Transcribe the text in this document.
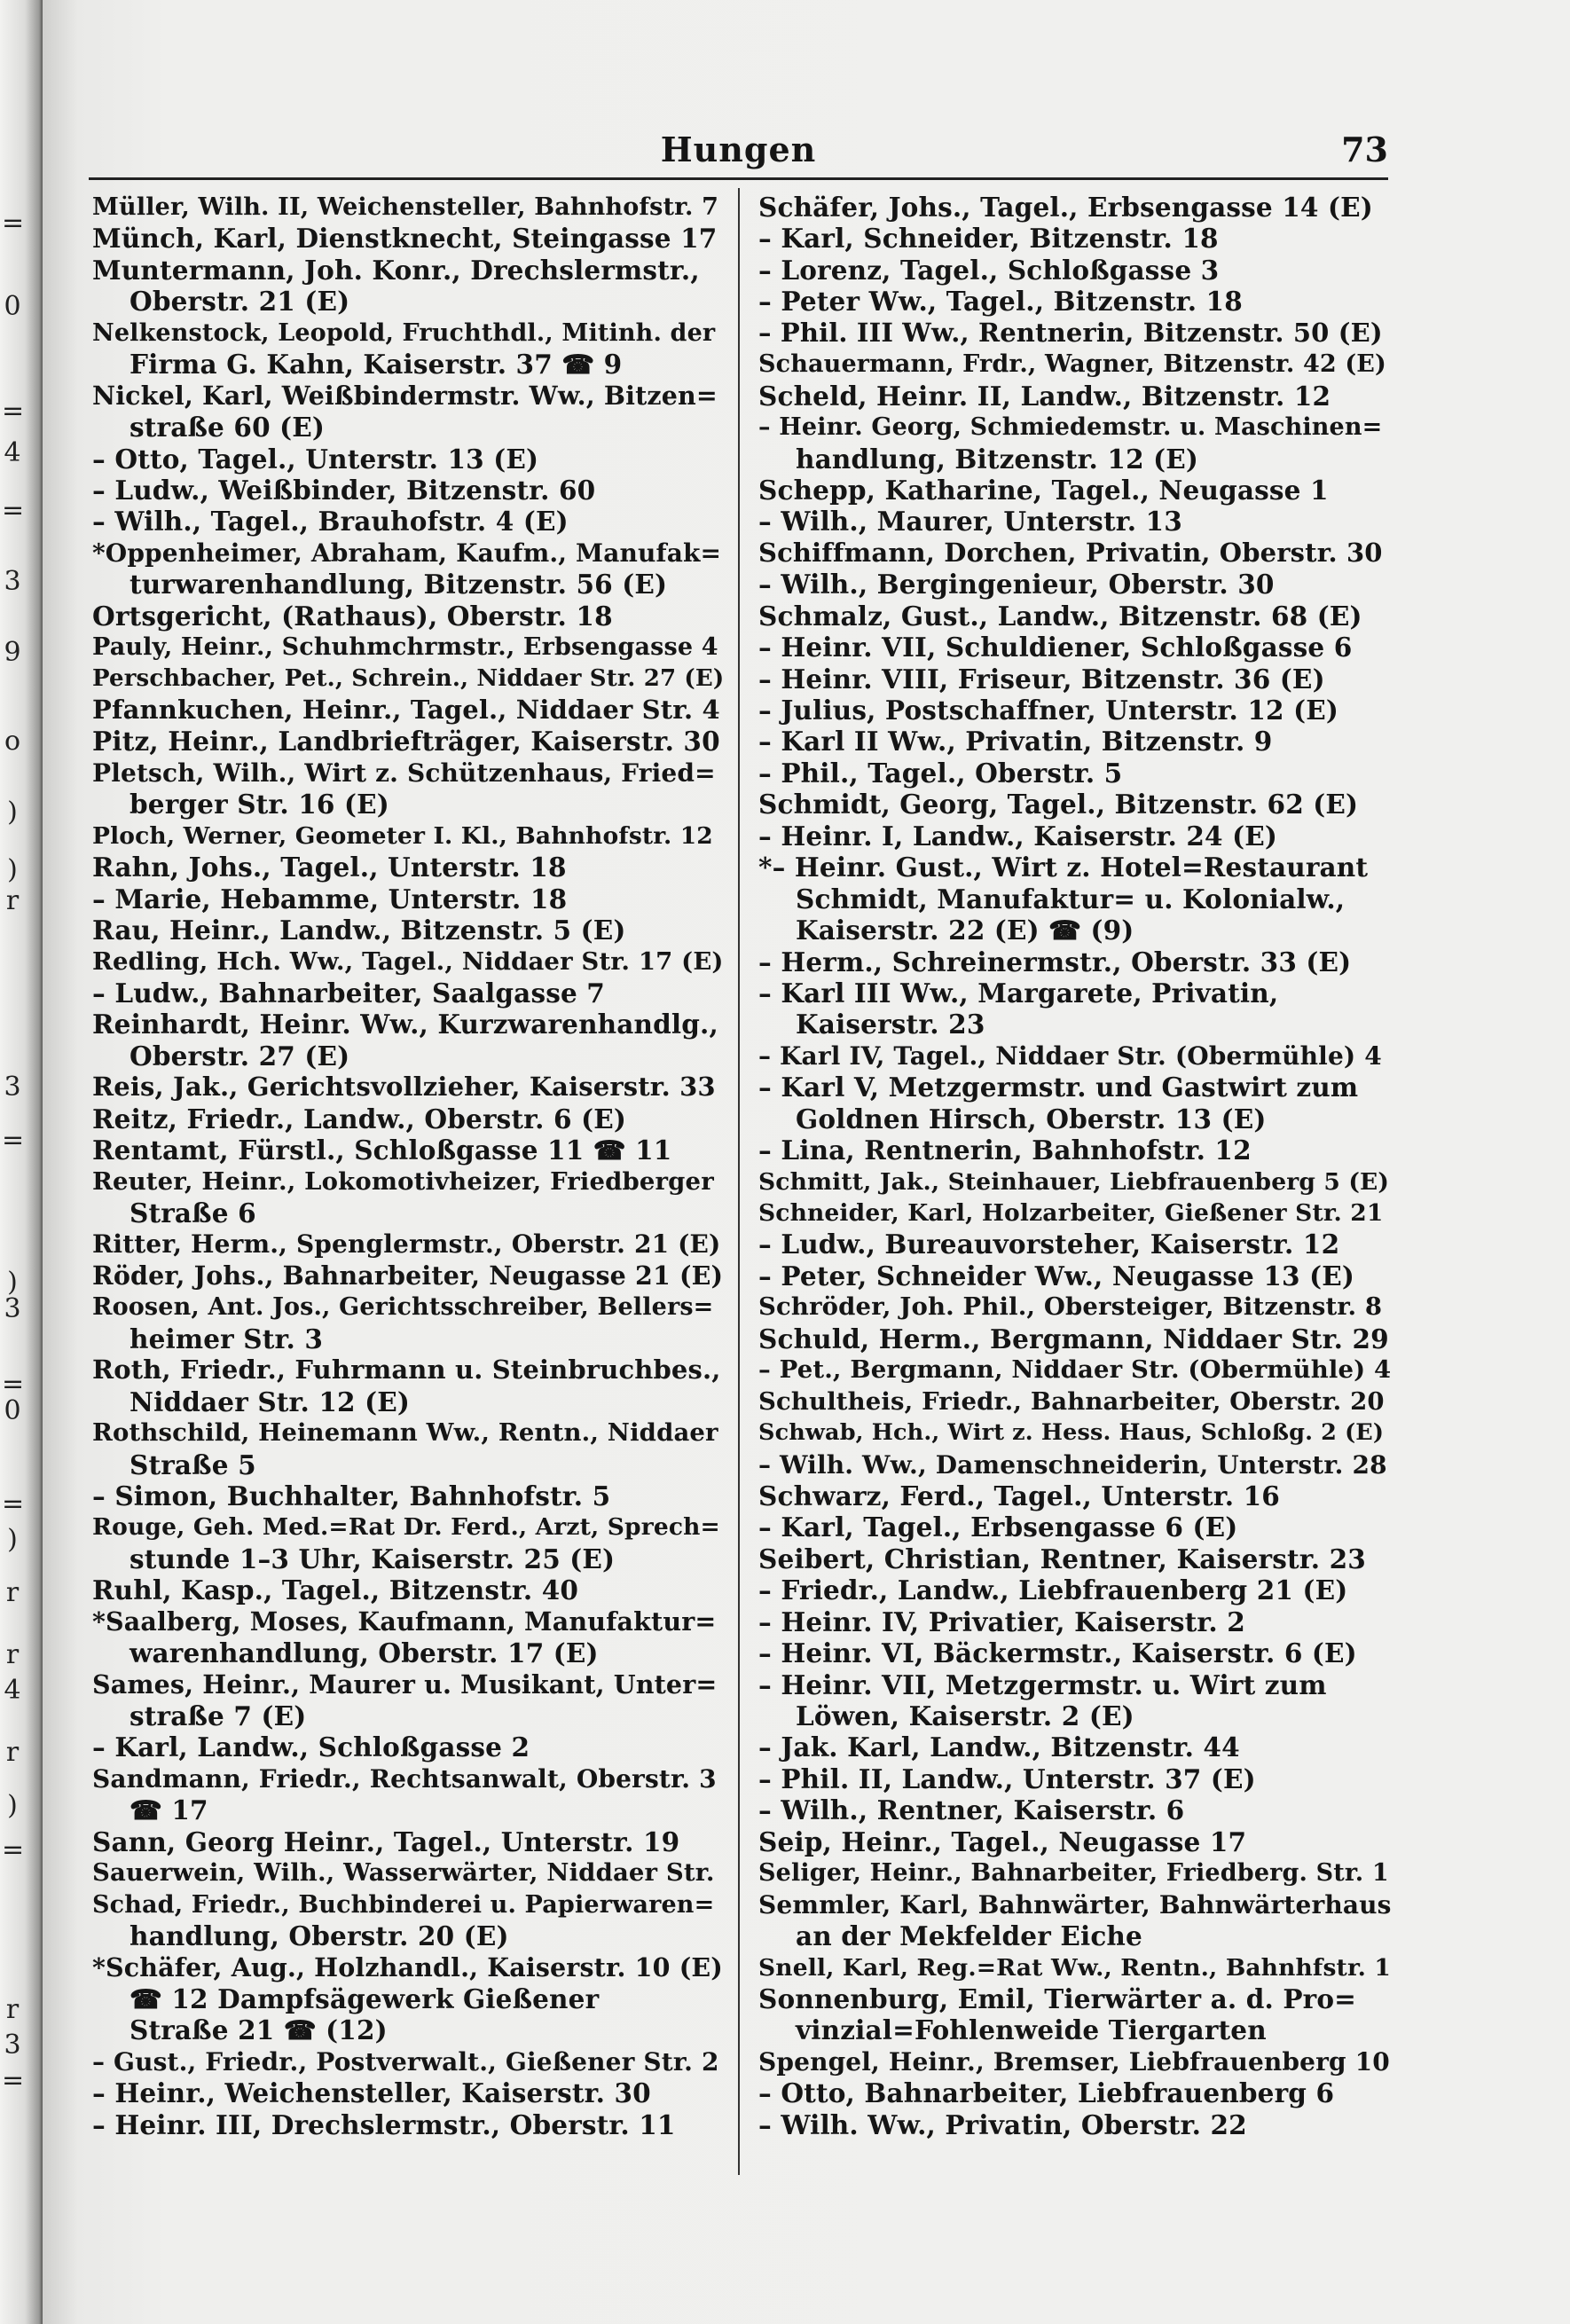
=
0
=
4
=
3
9
o
)
)
r
3
=
)
3
=
0
=
)
r
r
4
r
)
=
r
3
=
Hungen	73
Müller, Wilh. II, Weichensteller, Bahnhofstr. 7
Münch, Karl, Dienstknecht, Steingasse 17
Muntermann, Joh. Konr., Drechslermstr.,
Oberstr. 21 (E)
Nelkenstock, Leopold, Fruchthdl., Mitinh. der
Firma G. Kahn, Kaiserstr. 37 ☎ 9
Nickel, Karl, Weißbindermstr. Ww., Bitzen=
straße 60 (E)
– Otto, Tagel., Unterstr. 13 (E)
– Ludw., Weißbinder, Bitzenstr. 60
– Wilh., Tagel., Brauhofstr. 4 (E)
*Oppenheimer, Abraham, Kaufm., Manufak=
turwarenhandlung, Bitzenstr. 56 (E)
Ortsgericht, (Rathaus), Oberstr. 18
Pauly, Heinr., Schuhmchrmstr., Erbsengasse 4
Perschbacher, Pet., Schrein., Niddaer Str. 27 (E)
Pfannkuchen, Heinr., Tagel., Niddaer Str. 4
Pitz, Heinr., Landbriefträger, Kaiserstr. 30
Pletsch, Wilh., Wirt z. Schützenhaus, Fried=
berger Str. 16 (E)
Ploch, Werner, Geometer I. Kl., Bahnhofstr. 12
Rahn, Johs., Tagel., Unterstr. 18
– Marie, Hebamme, Unterstr. 18
Rau, Heinr., Landw., Bitzenstr. 5 (E)
Redling, Hch. Ww., Tagel., Niddaer Str. 17 (E)
– Ludw., Bahnarbeiter, Saalgasse 7
Reinhardt, Heinr. Ww., Kurzwarenhandlg.,
Oberstr. 27 (E)
Reis, Jak., Gerichtsvollzieher, Kaiserstr. 33
Reitz, Friedr., Landw., Oberstr. 6 (E)
Rentamt, Fürstl., Schloßgasse 11 ☎ 11
Reuter, Heinr., Lokomotivheizer, Friedberger
Straße 6
Ritter, Herm., Spenglermstr., Oberstr. 21 (E)
Röder, Johs., Bahnarbeiter, Neugasse 21 (E)
Roosen, Ant. Jos., Gerichtsschreiber, Bellers=
heimer Str. 3
Roth, Friedr., Fuhrmann u. Steinbruchbes.,
Niddaer Str. 12 (E)
Rothschild, Heinemann Ww., Rentn., Niddaer
Straße 5
– Simon, Buchhalter, Bahnhofstr. 5
Rouge, Geh. Med.=Rat Dr. Ferd., Arzt, Sprech=
stunde 1–3 Uhr, Kaiserstr. 25 (E)
Ruhl, Kasp., Tagel., Bitzenstr. 40
*Saalberg, Moses, Kaufmann, Manufaktur=
warenhandlung, Oberstr. 17 (E)
Sames, Heinr., Maurer u. Musikant, Unter=
straße 7 (E)
– Karl, Landw., Schloßgasse 2
Sandmann, Friedr., Rechtsanwalt, Oberstr. 3
☎ 17
Sann, Georg Heinr., Tagel., Unterstr. 19
Sauerwein, Wilh., Wasserwärter, Niddaer Str.
Schad, Friedr., Buchbinderei u. Papierwaren=
handlung, Oberstr. 20 (E)
*Schäfer, Aug., Holzhandl., Kaiserstr. 10 (E)
☎ 12 Dampfsägewerk Gießener
Straße 21 ☎ (12)
– Gust., Friedr., Postverwalt., Gießener Str. 2
– Heinr., Weichensteller, Kaiserstr. 30
– Heinr. III, Drechslermstr., Oberstr. 11
Schäfer, Johs., Tagel., Erbsengasse 14 (E)
– Karl, Schneider, Bitzenstr. 18
– Lorenz, Tagel., Schloßgasse 3
– Peter Ww., Tagel., Bitzenstr. 18
– Phil. III Ww., Rentnerin, Bitzenstr. 50 (E)
Schauermann, Frdr., Wagner, Bitzenstr. 42 (E)
Scheld, Heinr. II, Landw., Bitzenstr. 12
– Heinr. Georg, Schmiedemstr. u. Maschinen=
handlung, Bitzenstr. 12 (E)
Schepp, Katharine, Tagel., Neugasse 1
– Wilh., Maurer, Unterstr. 13
Schiffmann, Dorchen, Privatin, Oberstr. 30
– Wilh., Bergingenieur, Oberstr. 30
Schmalz, Gust., Landw., Bitzenstr. 68 (E)
– Heinr. VII, Schuldiener, Schloßgasse 6
– Heinr. VIII, Friseur, Bitzenstr. 36 (E)
– Julius, Postschaffner, Unterstr. 12 (E)
– Karl II Ww., Privatin, Bitzenstr. 9
– Phil., Tagel., Oberstr. 5
Schmidt, Georg, Tagel., Bitzenstr. 62 (E)
– Heinr. I, Landw., Kaiserstr. 24 (E)
*– Heinr. Gust., Wirt z. Hotel=Restaurant
Schmidt, Manufaktur= u. Kolonialw.,
Kaiserstr. 22 (E) ☎ (9)
– Herm., Schreinermstr., Oberstr. 33 (E)
– Karl III Ww., Margarete, Privatin,
Kaiserstr. 23
– Karl IV, Tagel., Niddaer Str. (Obermühle) 4
– Karl V, Metzgermstr. und Gastwirt zum
Goldnen Hirsch, Oberstr. 13 (E)
– Lina, Rentnerin, Bahnhofstr. 12
Schmitt, Jak., Steinhauer, Liebfrauenberg 5 (E)
Schneider, Karl, Holzarbeiter, Gießener Str. 21
– Ludw., Bureauvorsteher, Kaiserstr. 12
– Peter, Schneider Ww., Neugasse 13 (E)
Schröder, Joh. Phil., Obersteiger, Bitzenstr. 8
Schuld, Herm., Bergmann, Niddaer Str. 29
– Pet., Bergmann, Niddaer Str. (Obermühle) 4
Schultheis, Friedr., Bahnarbeiter, Oberstr. 20
Schwab, Hch., Wirt z. Hess. Haus, Schloßg. 2 (E)
– Wilh. Ww., Damenschneiderin, Unterstr. 28
Schwarz, Ferd., Tagel., Unterstr. 16
– Karl, Tagel., Erbsengasse 6 (E)
Seibert, Christian, Rentner, Kaiserstr. 23
– Friedr., Landw., Liebfrauenberg 21 (E)
– Heinr. IV, Privatier, Kaiserstr. 2
– Heinr. VI, Bäckermstr., Kaiserstr. 6 (E)
– Heinr. VII, Metzgermstr. u. Wirt zum
Löwen, Kaiserstr. 2 (E)
– Jak. Karl, Landw., Bitzenstr. 44
– Phil. II, Landw., Unterstr. 37 (E)
– Wilh., Rentner, Kaiserstr. 6
Seip, Heinr., Tagel., Neugasse 17
Seliger, Heinr., Bahnarbeiter, Friedberg. Str. 1
Semmler, Karl, Bahnwärter, Bahnwärterhaus
an der Mekfelder Eiche
Snell, Karl, Reg.=Rat Ww., Rentn., Bahnhfstr. 1
Sonnenburg, Emil, Tierwärter a. d. Pro=
vinzial=Fohlenweide Tiergarten
Spengel, Heinr., Bremser, Liebfrauenberg 10
– Otto, Bahnarbeiter, Liebfrauenberg 6
– Wilh. Ww., Privatin, Oberstr. 22
